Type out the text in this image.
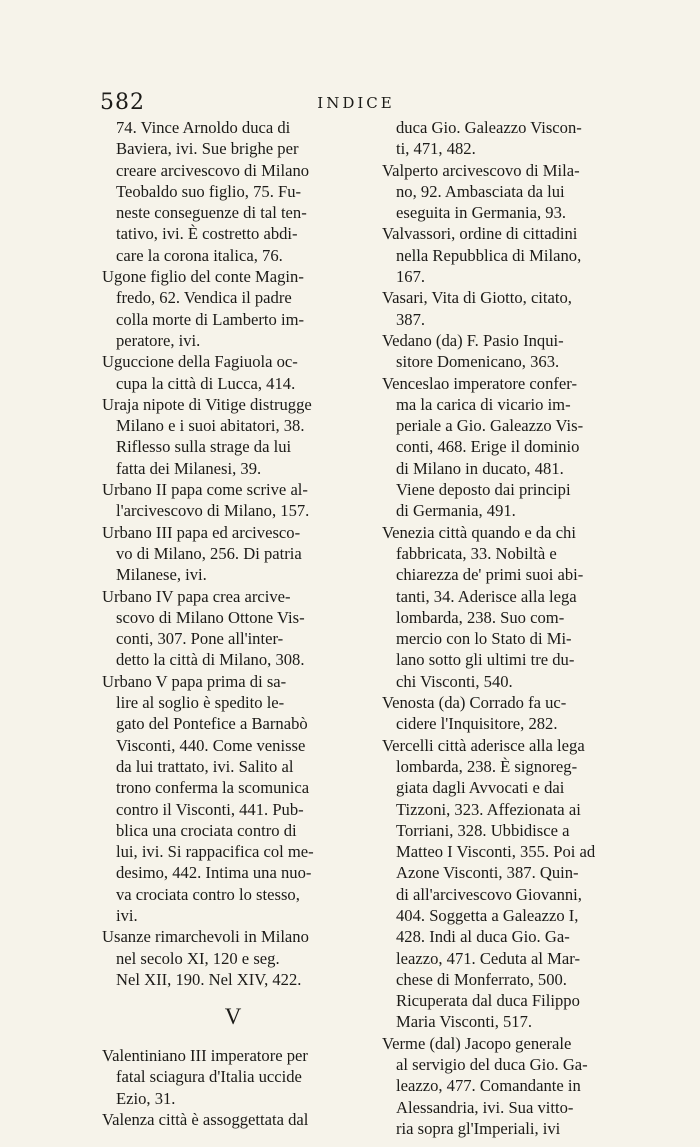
582	INDICE
74. Vince Arnoldo duca di
Baviera, ivi. Sue brighe per
creare arcivescovo di Milano
Teobaldo suo figlio, 75. Fu-
neste conseguenze di tal ten-
tativo, ivi. È costretto abdi-
care la corona italica, 76.
Ugone figlio del conte Magin-
fredo, 62. Vendica il padre
colla morte di Lamberto im-
peratore, ivi.
Uguccione della Fagiuola oc-
cupa la città di Lucca, 414.
Uraja nipote di Vitige distrugge
Milano e i suoi abitatori, 38.
Riflesso sulla strage da lui
fatta dei Milanesi, 39.
Urbano II papa come scrive al-
l'arcivescovo di Milano, 157.
Urbano III papa ed arcivesco-
vo di Milano, 256. Di patria
Milanese, ivi.
Urbano IV papa crea arcive-
scovo di Milano Ottone Vis-
conti, 307. Pone all'inter-
detto la città di Milano, 308.
Urbano V papa prima di sa-
lire al soglio è spedito le-
gato del Pontefice a Barnabò
Visconti, 440. Come venisse
da lui trattato, ivi. Salito al
trono conferma la scomunica
contro il Visconti, 441. Pub-
blica una crociata contro di
lui, ivi. Si rappacifica col me-
desimo, 442. Intima una nuo-
va crociata contro lo stesso,
ivi.
Usanze rimarchevoli in Milano
nel secolo XI, 120 e seg.
Nel XII, 190. Nel XIV, 422.
V
Valentiniano III imperatore per
fatal sciagura d'Italia uccide
Ezio, 31.
Valenza città è assoggettata dal
duca Gio. Galeazzo Viscon-
ti, 471, 482.
Valperto arcivescovo di Mila-
no, 92. Ambasciata da lui
eseguita in Germania, 93.
Valvassori, ordine di cittadini
nella Repubblica di Milano,
167.
Vasari, Vita di Giotto, citato,
387.
Vedano (da) F. Pasio Inqui-
sitore Domenicano, 363.
Venceslao imperatore confer-
ma la carica di vicario im-
periale a Gio. Galeazzo Vis-
conti, 468. Erige il dominio
di Milano in ducato, 481.
Viene deposto dai principi
di Germania, 491.
Venezia città quando e da chi
fabbricata, 33. Nobiltà e
chiarezza de' primi suoi abi-
tanti, 34. Aderisce alla lega
lombarda, 238. Suo com-
mercio con lo Stato di Mi-
lano sotto gli ultimi tre du-
chi Visconti, 540.
Venosta (da) Corrado fa uc-
cidere l'Inquisitore, 282.
Vercelli città aderisce alla lega
lombarda, 238. È signoreg-
giata dagli Avvocati e dai
Tizzoni, 323. Affezionata ai
Torriani, 328. Ubbidisce a
Matteo I Visconti, 355. Poi ad
Azone Visconti, 387. Quin-
di all'arcivescovo Giovanni,
404. Soggetta a Galeazzo I,
428. Indi al duca Gio. Ga-
leazzo, 471. Ceduta al Mar-
chese di Monferrato, 500.
Ricuperata dal duca Filippo
Maria Visconti, 517.
Verme (dal) Jacopo generale
al servigio del duca Gio. Ga-
leazzo, 477. Comandante in
Alessandria, ivi. Sua vitto-
ria sopra gl'Imperiali, ivi
